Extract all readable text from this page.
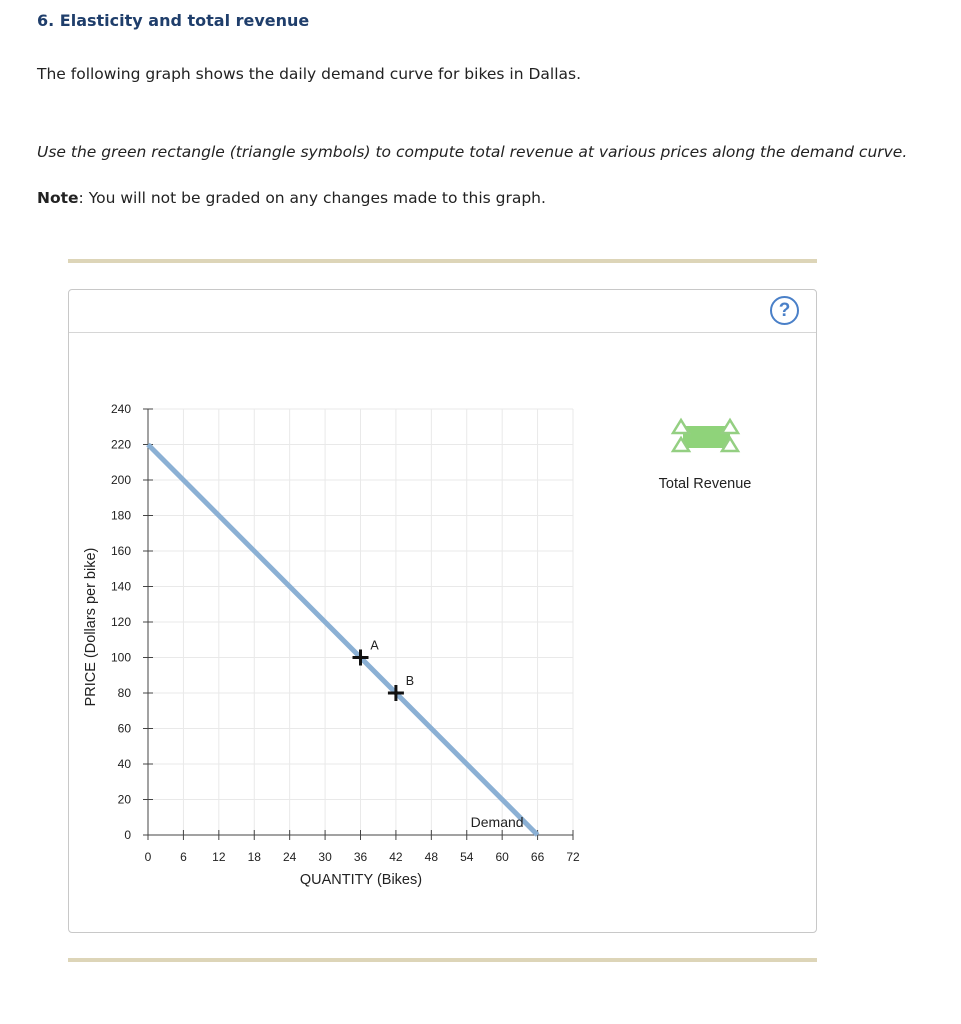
6. Elasticity and total revenue

The following graph shows the daily demand curve for bikes in Dallas.

Use the green rectangle (triangle symbols) to compute total revenue at various prices along the demand curve.

Note: You will not be graded on any changes made to this graph.

?
0 6 12 18 24 30 36 42 48 54 60 66 72
0
20
40
60
80
100
120
140
160
180
200
220
240
Demand
A
B
QUANTITY (Bikes)
PRICE (Dollars per bike)
Total Revenue
